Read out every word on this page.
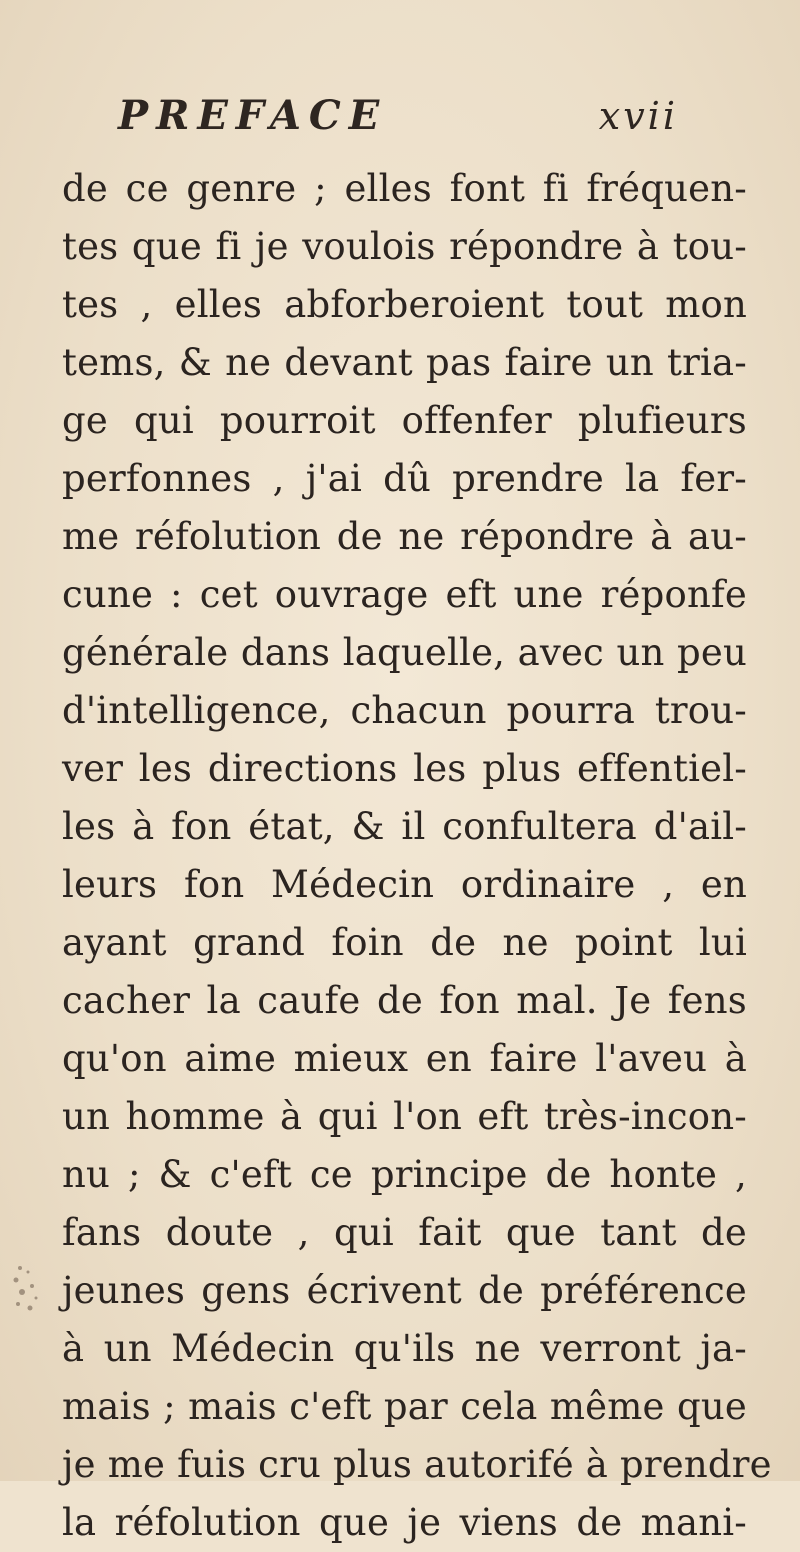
PREFACE	xvii
de ce genre ; elles font fi fréquen-
tes que fi je voulois répondre à tou-
tes , elles abforberoient tout mon
tems, & ne devant pas faire un tria-
ge qui pourroit offenfer plufieurs
perfonnes , j'ai dû prendre la fer-
me réfolution de ne répondre à au-
cune : cet ouvrage eft une réponfe
générale dans laquelle, avec un peu
d'intelligence, chacun pourra trou-
ver les directions les plus effentiel-
les à fon état, & il confultera d'ail-
leurs fon Médecin ordinaire , en
ayant grand foin de ne point lui
cacher la caufe de fon mal. Je fens
qu'on aime mieux en faire l'aveu à
un homme à qui l'on eft très-incon-
nu ; & c'eft ce principe de honte ,
fans doute , qui fait que tant de
jeunes gens écrivent de préférence
à un Médecin qu'ils ne verront ja-
mais ; mais c'eft par cela même que
je me fuis cru plus autorifé à prendre
la réfolution que je viens de mani-
